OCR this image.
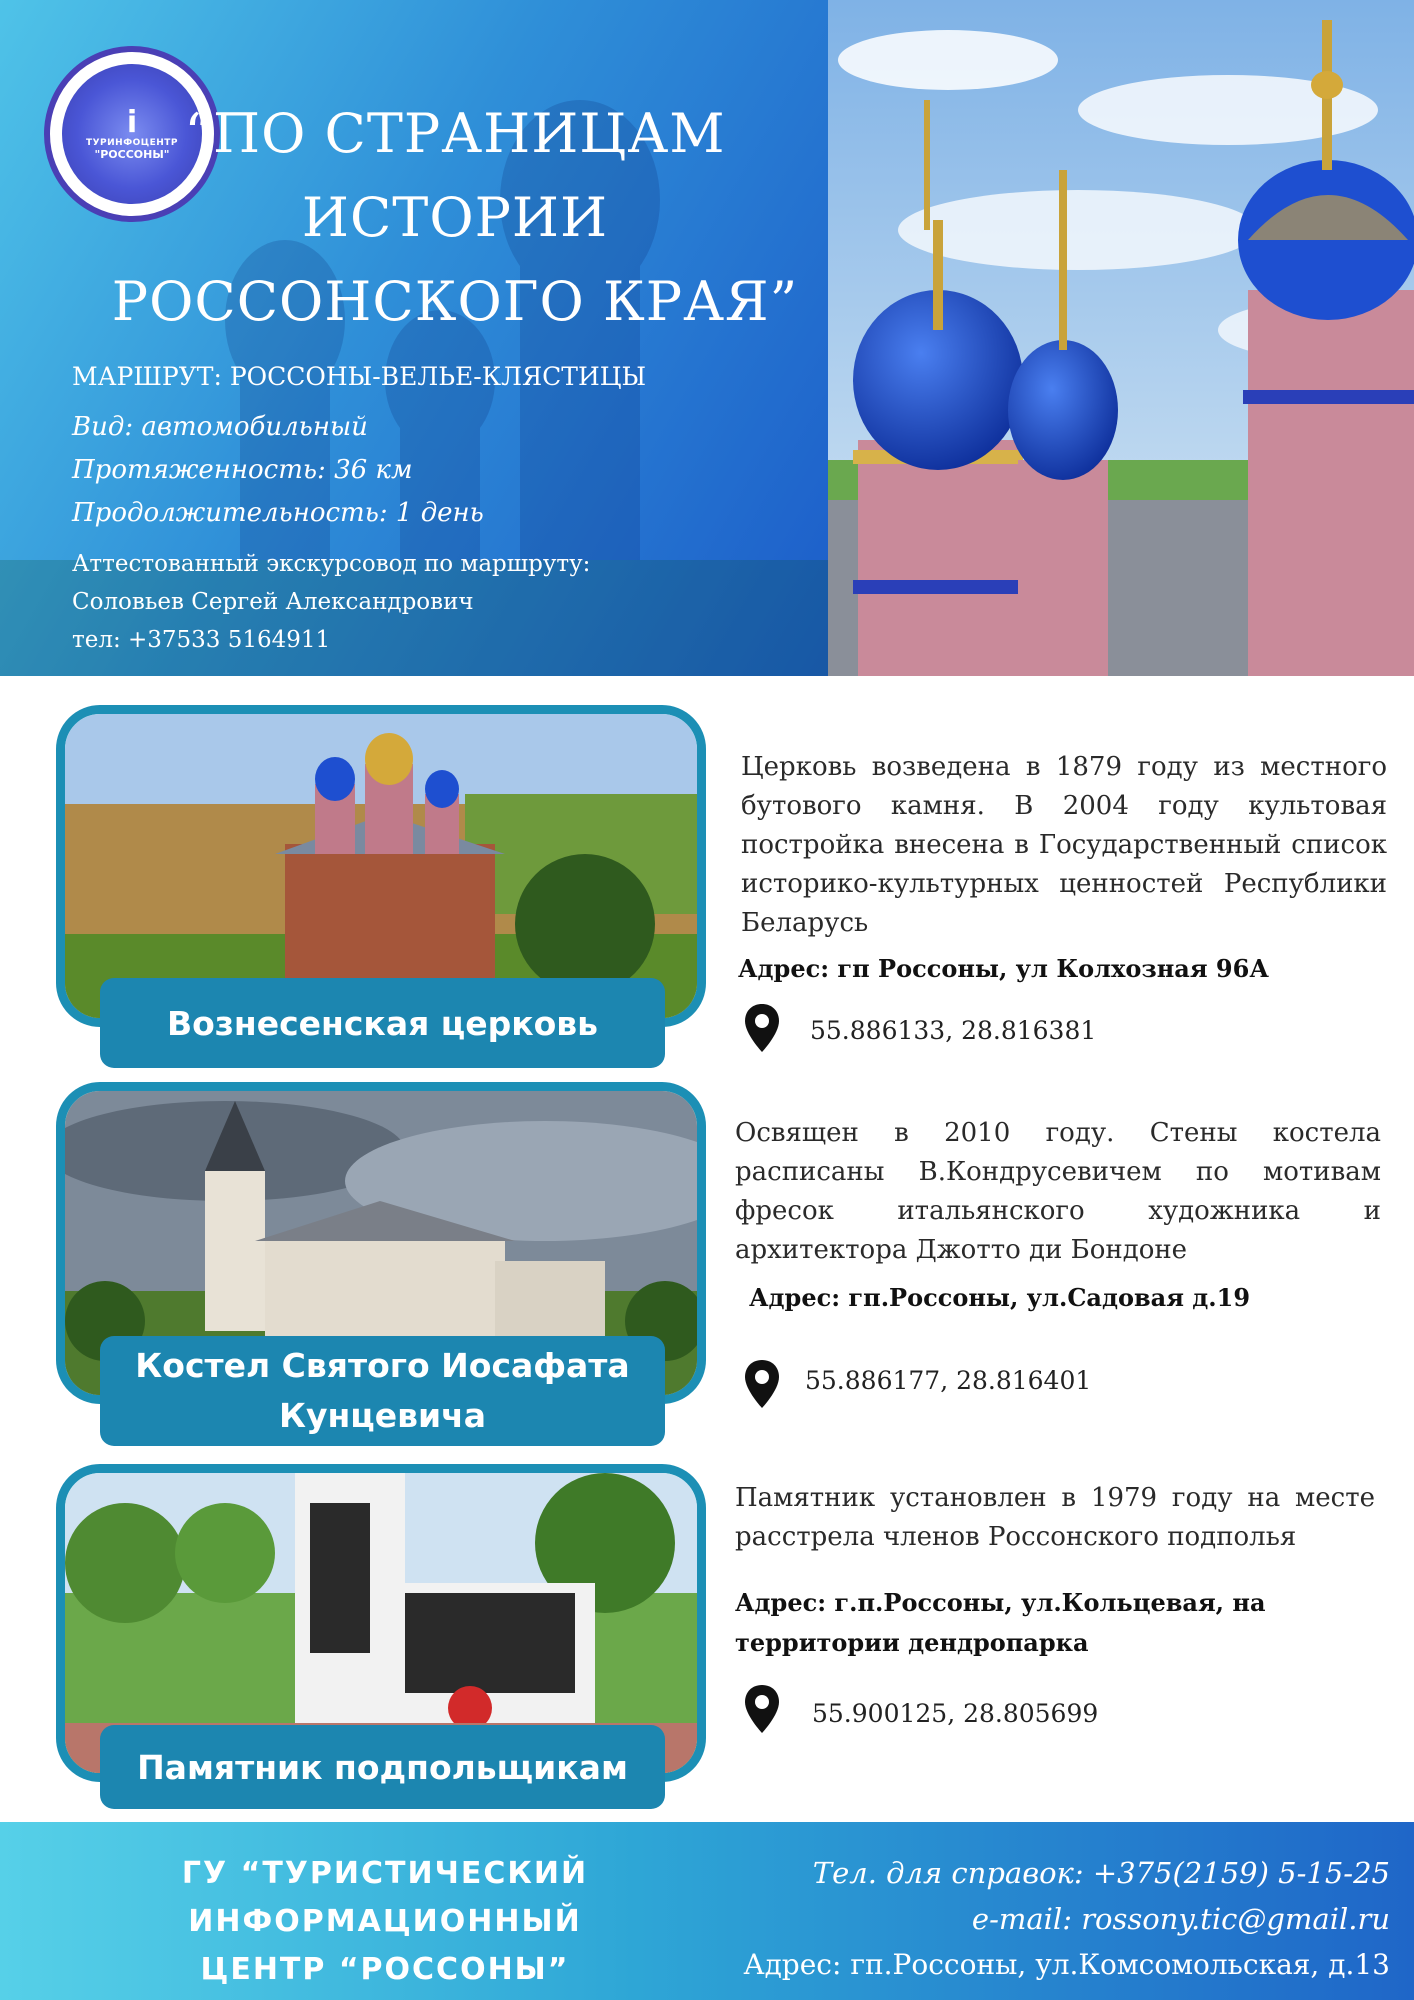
i
ТУРИНФОЦЕНТР
"РОССОНЫ" “ПО СТРАНИЦАМ
ИСТОРИИ
РОССОНСКОГО КРАЯ”
МАРШРУТ: РОССОНЫ-ВЕЛЬЕ-КЛЯСТИЦЫ
Вид: автомобильный
Протяженность: 36 км
Продолжительность: 1 день
Аттестованный экскурсовод по маршруту:
Соловьев Сергей Александрович
тел: +37533 5164911
Вознесенская церковь
Церковь возведена в 1879 году из местного бутового камня. В 2004 году культовая постройка внесена в Государственный список историко-культурных ценностей Республики Беларусь
Адрес: гп Россоны, ул Колхозная 96А
55.886133, 28.816381
Костел Святого Иосафата
Кунцевича
Освящен в 2010 году. Стены костела расписаны В.Кондрусевичем по мотивам фресок итальянского художника и архитектора Джотто ди Бондоне
Адрес: гп.Россоны, ул.Садовая д.19
55.886177, 28.816401
Памятник подпольщикам
Памятник установлен в 1979 году на месте расстрела членов Россонского подполья
Адрес: г.п.Россоны, ул.Кольцевая, на
территории дендропарка
55.900125, 28.805699
ГУ “ТУРИСТИЧЕСКИЙ ИНФОРМАЦИОННЫЙ
ЦЕНТР “РОССОНЫ”
Тел. для справок: +375(2159) 5-15-25
e-mail: rossony.tic@gmail.ru
Адрес: гп.Россоны, ул.Комсомольская, д.13
